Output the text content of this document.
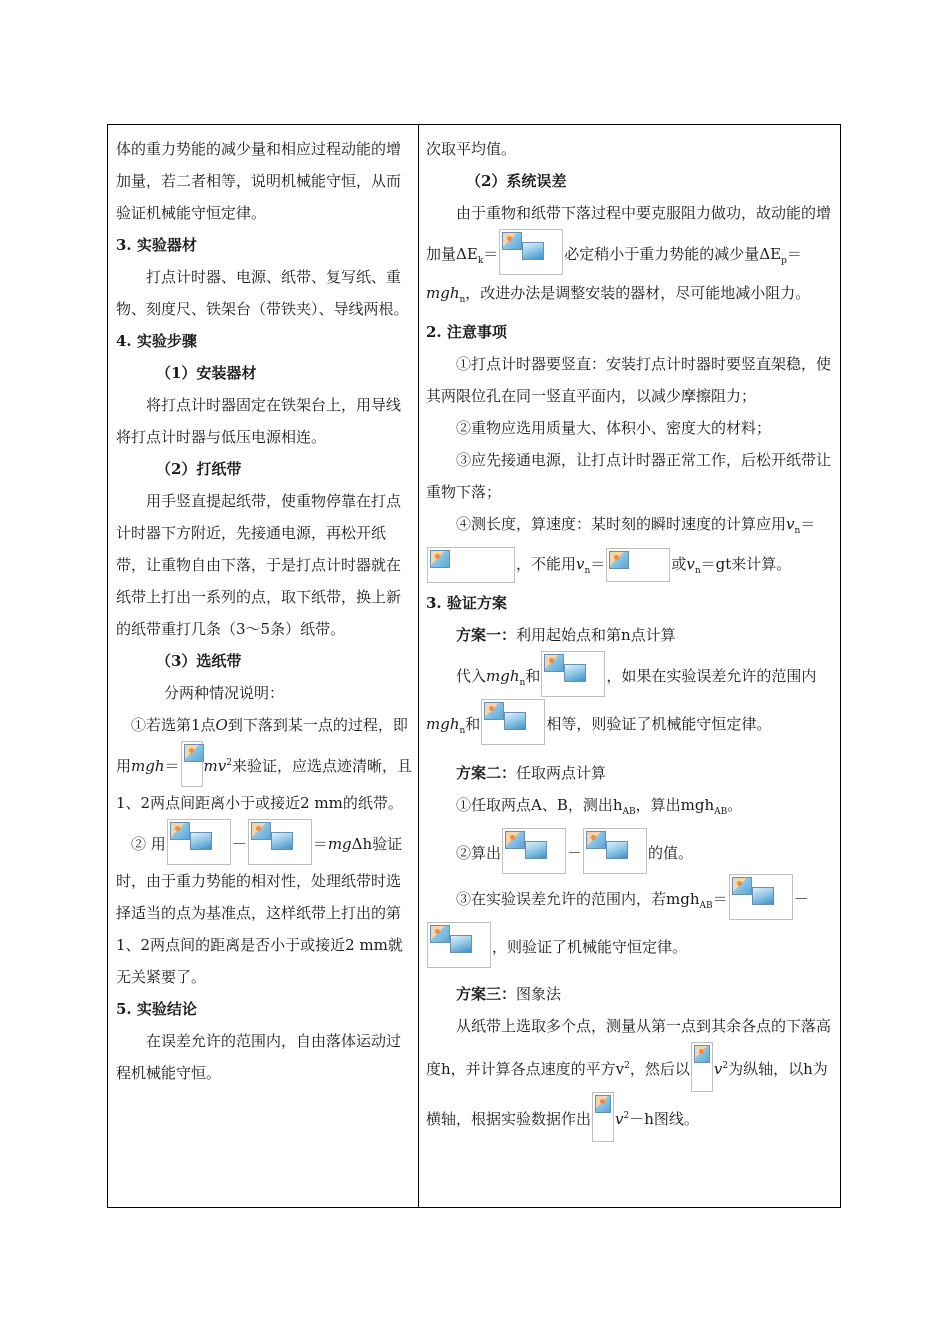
体的重力势能的减少量和相应过程动能的增加量，若二者相等，说明机械能守恒，从而验证机械能守恒定律。

3. 实验器材

打点计时器、电源、纸带、复写纸、重物、刻度尺、铁架台（带铁夹）、导线两根。

4. 实验步骤

（1）安装器材

将打点计时器固定在铁架台上，用导线将打点计时器与低压电源相连。

（2）打纸带

用手竖直提起纸带，使重物停靠在打点计时器下方附近，先接通电源，再松开纸带，让重物自由下落，于是打点计时器就在纸带上打出一系列的点，取下纸带，换上新的纸带重打几条（3～5条）纸带。

（3）选纸带

分两种情况说明：

①若选第1点O到下落到某一点的过程，即用$mgh= mv^2$来验证，应选点迹清晰，且1、2两点间距离小于或接近2 mm的纸带。

② 用	－	＝mgΔh验证时，由于重力势能的相对性，处理纸带时选择适当的点为基准点，这样纸带上打出的第1、2两点间的距离是否小于或接近2 mm就无关紧要了。

5. 实验结论

在误差允许的范围内，自由落体运动过程机械能守恒。

次取平均值。

（2）系统误差

由于重物和纸带下落过程中要克服阻力做功，故动能的增加量$\Delta E_k=$	必定稍小于重力势能的减少量$\Delta E_p=mgh_n$，改进办法是调整安装的器材，尽可能地减小阻力。

2. 注意事项

①打点计时器要竖直：安装打点计时器时要竖直架稳，使其两限位孔在同一竖直平面内，以减少摩擦阻力；

②重物应选用质量大、体积小、密度大的材料；

③应先接通电源，让打点计时器正常工作，后松开纸带让重物下落；

④测长度，算速度：某时刻的瞬时速度的计算应用$v_n=$
，不能用$v_n=$	或$v_n=gt$来计算。

3. 验证方案

方案一：利用起始点和第n点计算

代入mgh$_n$和	，如果在实验误差允许的范围内mgh$_n$和	相等，则验证了机械能守恒定律。

方案二：任取两点计算

①任取两点A、B，测出$h_{AB}$，算出mgh$_{AB}$。

②算出	－	的值。

③在实验误差允许的范围内，若mgh$_{AB}$＝	－
，则验证了机械能守恒定律。

方案三：图象法

从纸带上选取多个点，测量从第一点到其余各点的下落高度h，并计算各点速度的平方$v^2$，然后以 $v^2$为纵轴，以h为横轴，根据实验数据作出 $v^2-h$图线。
